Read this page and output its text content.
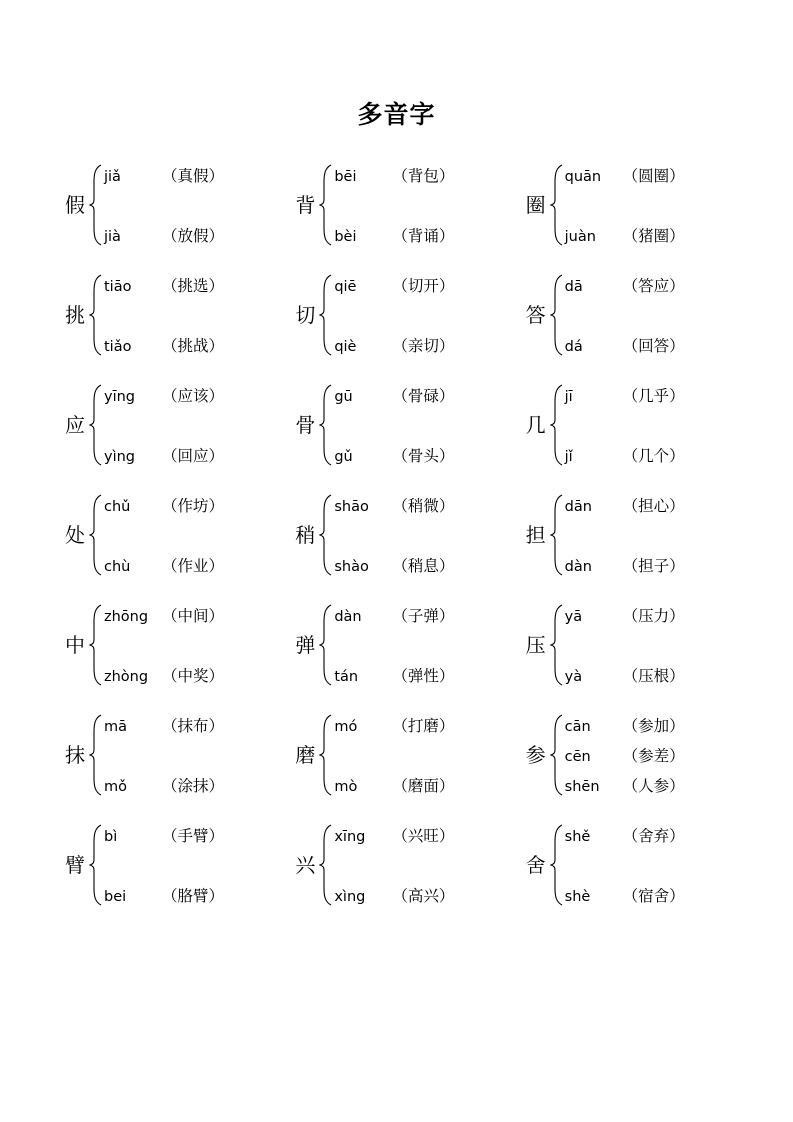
多音字
假
jiǎ	（真假）
jià	（放假）
背
bēi	（背包）
bèi	（背诵）
圈
quān	（圆圈）
juàn	（猪圈）
挑
tiāo	（挑选）
tiǎo	（挑战）
切
qiē	（切开）
qiè	（亲切）
答
dā	（答应）
dá	（回答）
应
yīng	（应该）
yìng	（回应）
骨
gū	（骨碌）
gǔ	（骨头）
几
jī	（几乎）
jǐ	（几个）
处
chǔ	（作坊）
chù	（作业）
稍
shāo	（稍微）
shào	（稍息）
担
dān	（担心）
dàn	（担子）
中
zhōng （中间）
zhòng （中奖）
弹
dàn	（子弹）
tán	（弹性）
压
yā	（压力）
yà	（压根）
抹
mā	（抹布）
mǒ	（涂抹）
磨
mó	（打磨）
mò	（磨面）
参
cān	（参加）
cēn	（参差）
shēn	（人参）
臂
bì	（手臂）
bei	（胳臂）
兴
xīng	（兴旺）
xìng	（高兴）
舍
shě	（舍弃）
shè	（宿舍）
